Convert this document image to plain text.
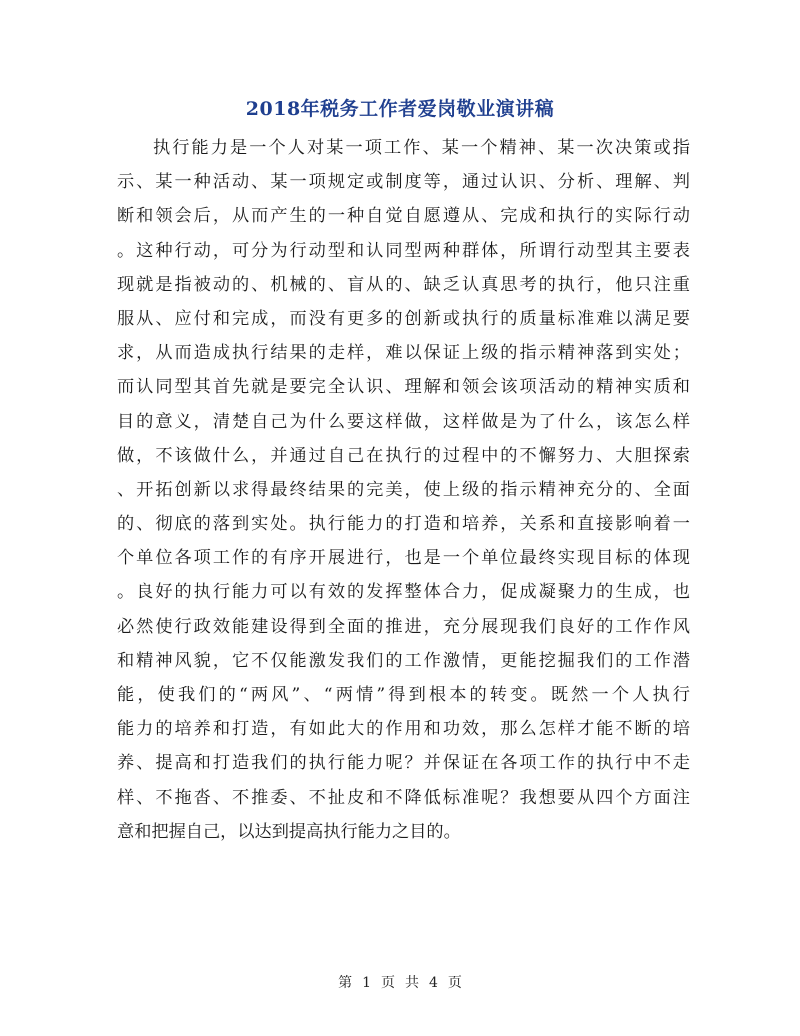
2018年税务工作者爱岗敬业演讲稿
执行能力是一个人对某一项工作、某一个精神、某一次决策或指
示、某一种活动、某一项规定或制度等，通过认识、分析、理解、判
断和领会后，从而产生的一种自觉自愿遵从、完成和执行的实际行动
。这种行动，可分为行动型和认同型两种群体，所谓行动型其主要表
现就是指被动的、机械的、盲从的、缺乏认真思考的执行，他只注重
服从、应付和完成，而没有更多的创新或执行的质量标准难以满足要
求，从而造成执行结果的走样，难以保证上级的指示精神落到实处；
而认同型其首先就是要完全认识、理解和领会该项活动的精神实质和
目的意义，清楚自己为什么要这样做，这样做是为了什么，该怎么样
做，不该做什么，并通过自己在执行的过程中的不懈努力、大胆探索
、开拓创新以求得最终结果的完美，使上级的指示精神充分的、全面
的、彻底的落到实处。执行能力的打造和培养，关系和直接影响着一
个单位各项工作的有序开展进行，也是一个单位最终实现目标的体现
。良好的执行能力可以有效的发挥整体合力，促成凝聚力的生成，也
必然使行政效能建设得到全面的推进，充分展现我们良好的工作作风
和精神风貌，它不仅能激发我们的工作激情，更能挖掘我们的工作潜
能，使我们的“两风”、“两情”得到根本的转变。既然一个人执行
能力的培养和打造，有如此大的作用和功效，那么怎样才能不断的培
养、提高和打造我们的执行能力呢？并保证在各项工作的执行中不走
样、不拖沓、不推委、不扯皮和不降低标准呢？我想要从四个方面注
意和把握自己，以达到提高执行能力之目的。
第 1 页 共 4 页
